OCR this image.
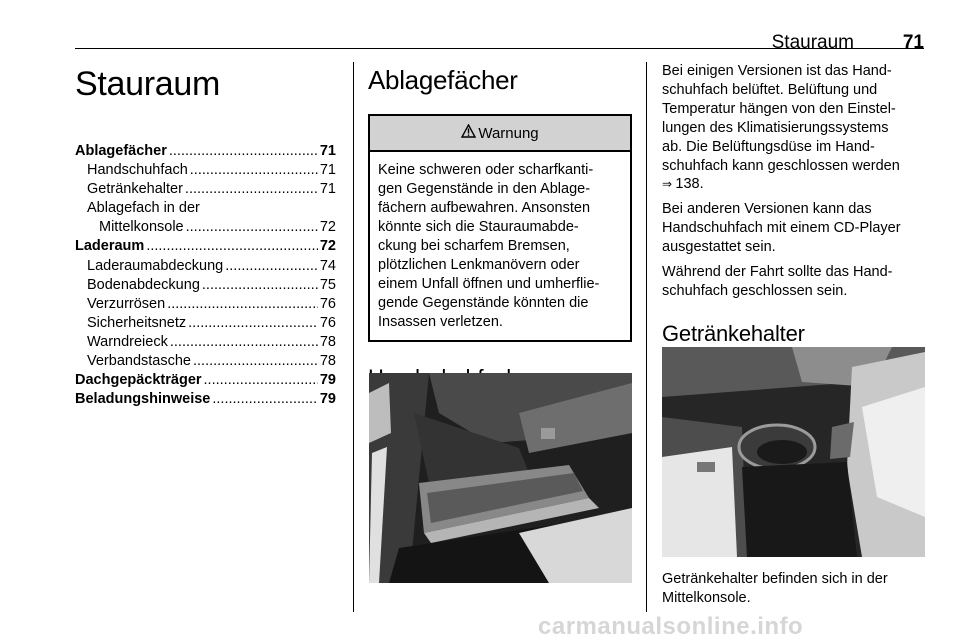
Stauraum	71
Stauraum
Ablagefächer .....	71
Handschuhfach .....	71
Getränkehalter .....	71
Ablagefach in der
Mittelkonsole .....	72
Laderaum .....	72
Laderaumabdeckung .....	74
Bodenabdeckung .....	75
Verzurrösen .....	76
Sicherheitsnetz .....	76
Warndreieck .....	78
Verbandstasche .....	78
Dachgepäckträger .....	79
Beladungshinweise .....	79
Ablagefächer
Warnung
Keine schweren oder scharfkanti-
gen Gegenstände in den Ablage-
fächern aufbewahren. Ansonsten
könnte sich die Stauraumabde-
ckung bei scharfem Bremsen,
plötzlichen Lenkmanövern oder
einem Unfall öffnen und umherflie-
gende Gegenstände könnten die
Insassen verletzen.

Bei einigen Versionen ist das Hand-
schuhfach belüftet. Belüftung und
Temperatur hängen von den Einstel-
lungen des Klimatisierungssystems
ab. Die Belüftungsdüse im Hand-
schuhfach kann geschlossen werden
⇒ 138.

Bei anderen Versionen kann das
Handschuhfach mit einem CD-Player
ausgestattet sein.

Während der Fahrt sollte das Hand-
schuhfach geschlossen sein.

Getränkehalter
Getränkehalter befinden sich in der
Mittelkonsole.
carmanualsonline.info
